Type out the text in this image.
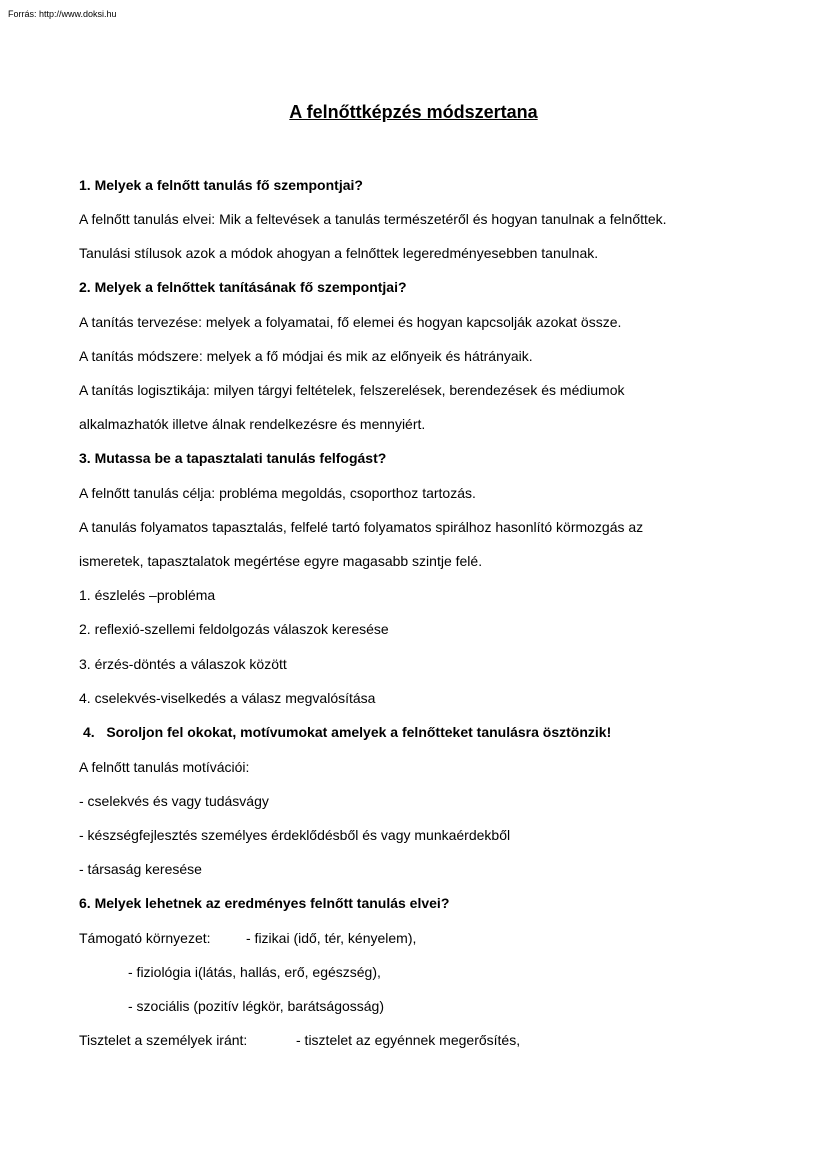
Forrás: http://www.doksi.hu
A felnőttképzés módszertana
1. Melyek a felnőtt tanulás fő szempontjai?
A felnőtt tanulás elvei: Mik a feltevések a tanulás természetéről és hogyan tanulnak a felnőttek.
Tanulási stílusok azok a módok ahogyan a felnőttek legeredményesebben tanulnak.
2. Melyek a felnőttek tanításának fő szempontjai?
A tanítás tervezése: melyek a folyamatai, fő elemei és hogyan kapcsolják azokat össze.
A tanítás módszere: melyek a fő módjai és mik az előnyeik és hátrányaik.
A tanítás logisztikája: milyen tárgyi feltételek, felszerelések, berendezések és médiumok
alkalmazhatók illetve álnak rendelkezésre és mennyiért.
3. Mutassa be a tapasztalati tanulás felfogást?
A felnőtt tanulás célja: probléma megoldás, csoporthoz tartozás.
A tanulás folyamatos tapasztalás, felfelé tartó folyamatos spirálhoz hasonlító körmozgás az
ismeretek, tapasztalatok megértése egyre magasabb szintje felé.
1. észlelés –probléma
2. reflexió-szellemi feldolgozás válaszok keresése
3. érzés-döntés a válaszok között
4. cselekvés-viselkedés a válasz megvalósítása
4.   Soroljon fel okokat, motívumokat amelyek a felnőtteket tanulásra ösztönzik!
A felnőtt tanulás motívációi:
- cselekvés és vagy tudásvágy
- készségfejlesztés személyes érdeklődésből és vagy munkaérdekből
- társaság keresése
6. Melyek lehetnek az eredményes felnőtt tanulás elvei?
Támogató környezet:	- fizikai (idő, tér, kényelem),
- fiziológia i(látás, hallás, erő, egészség),
- szociális (pozitív légkör, barátságosság)
Tisztelet a személyek iránt:	- tisztelet az egyénnek megerősítés,
